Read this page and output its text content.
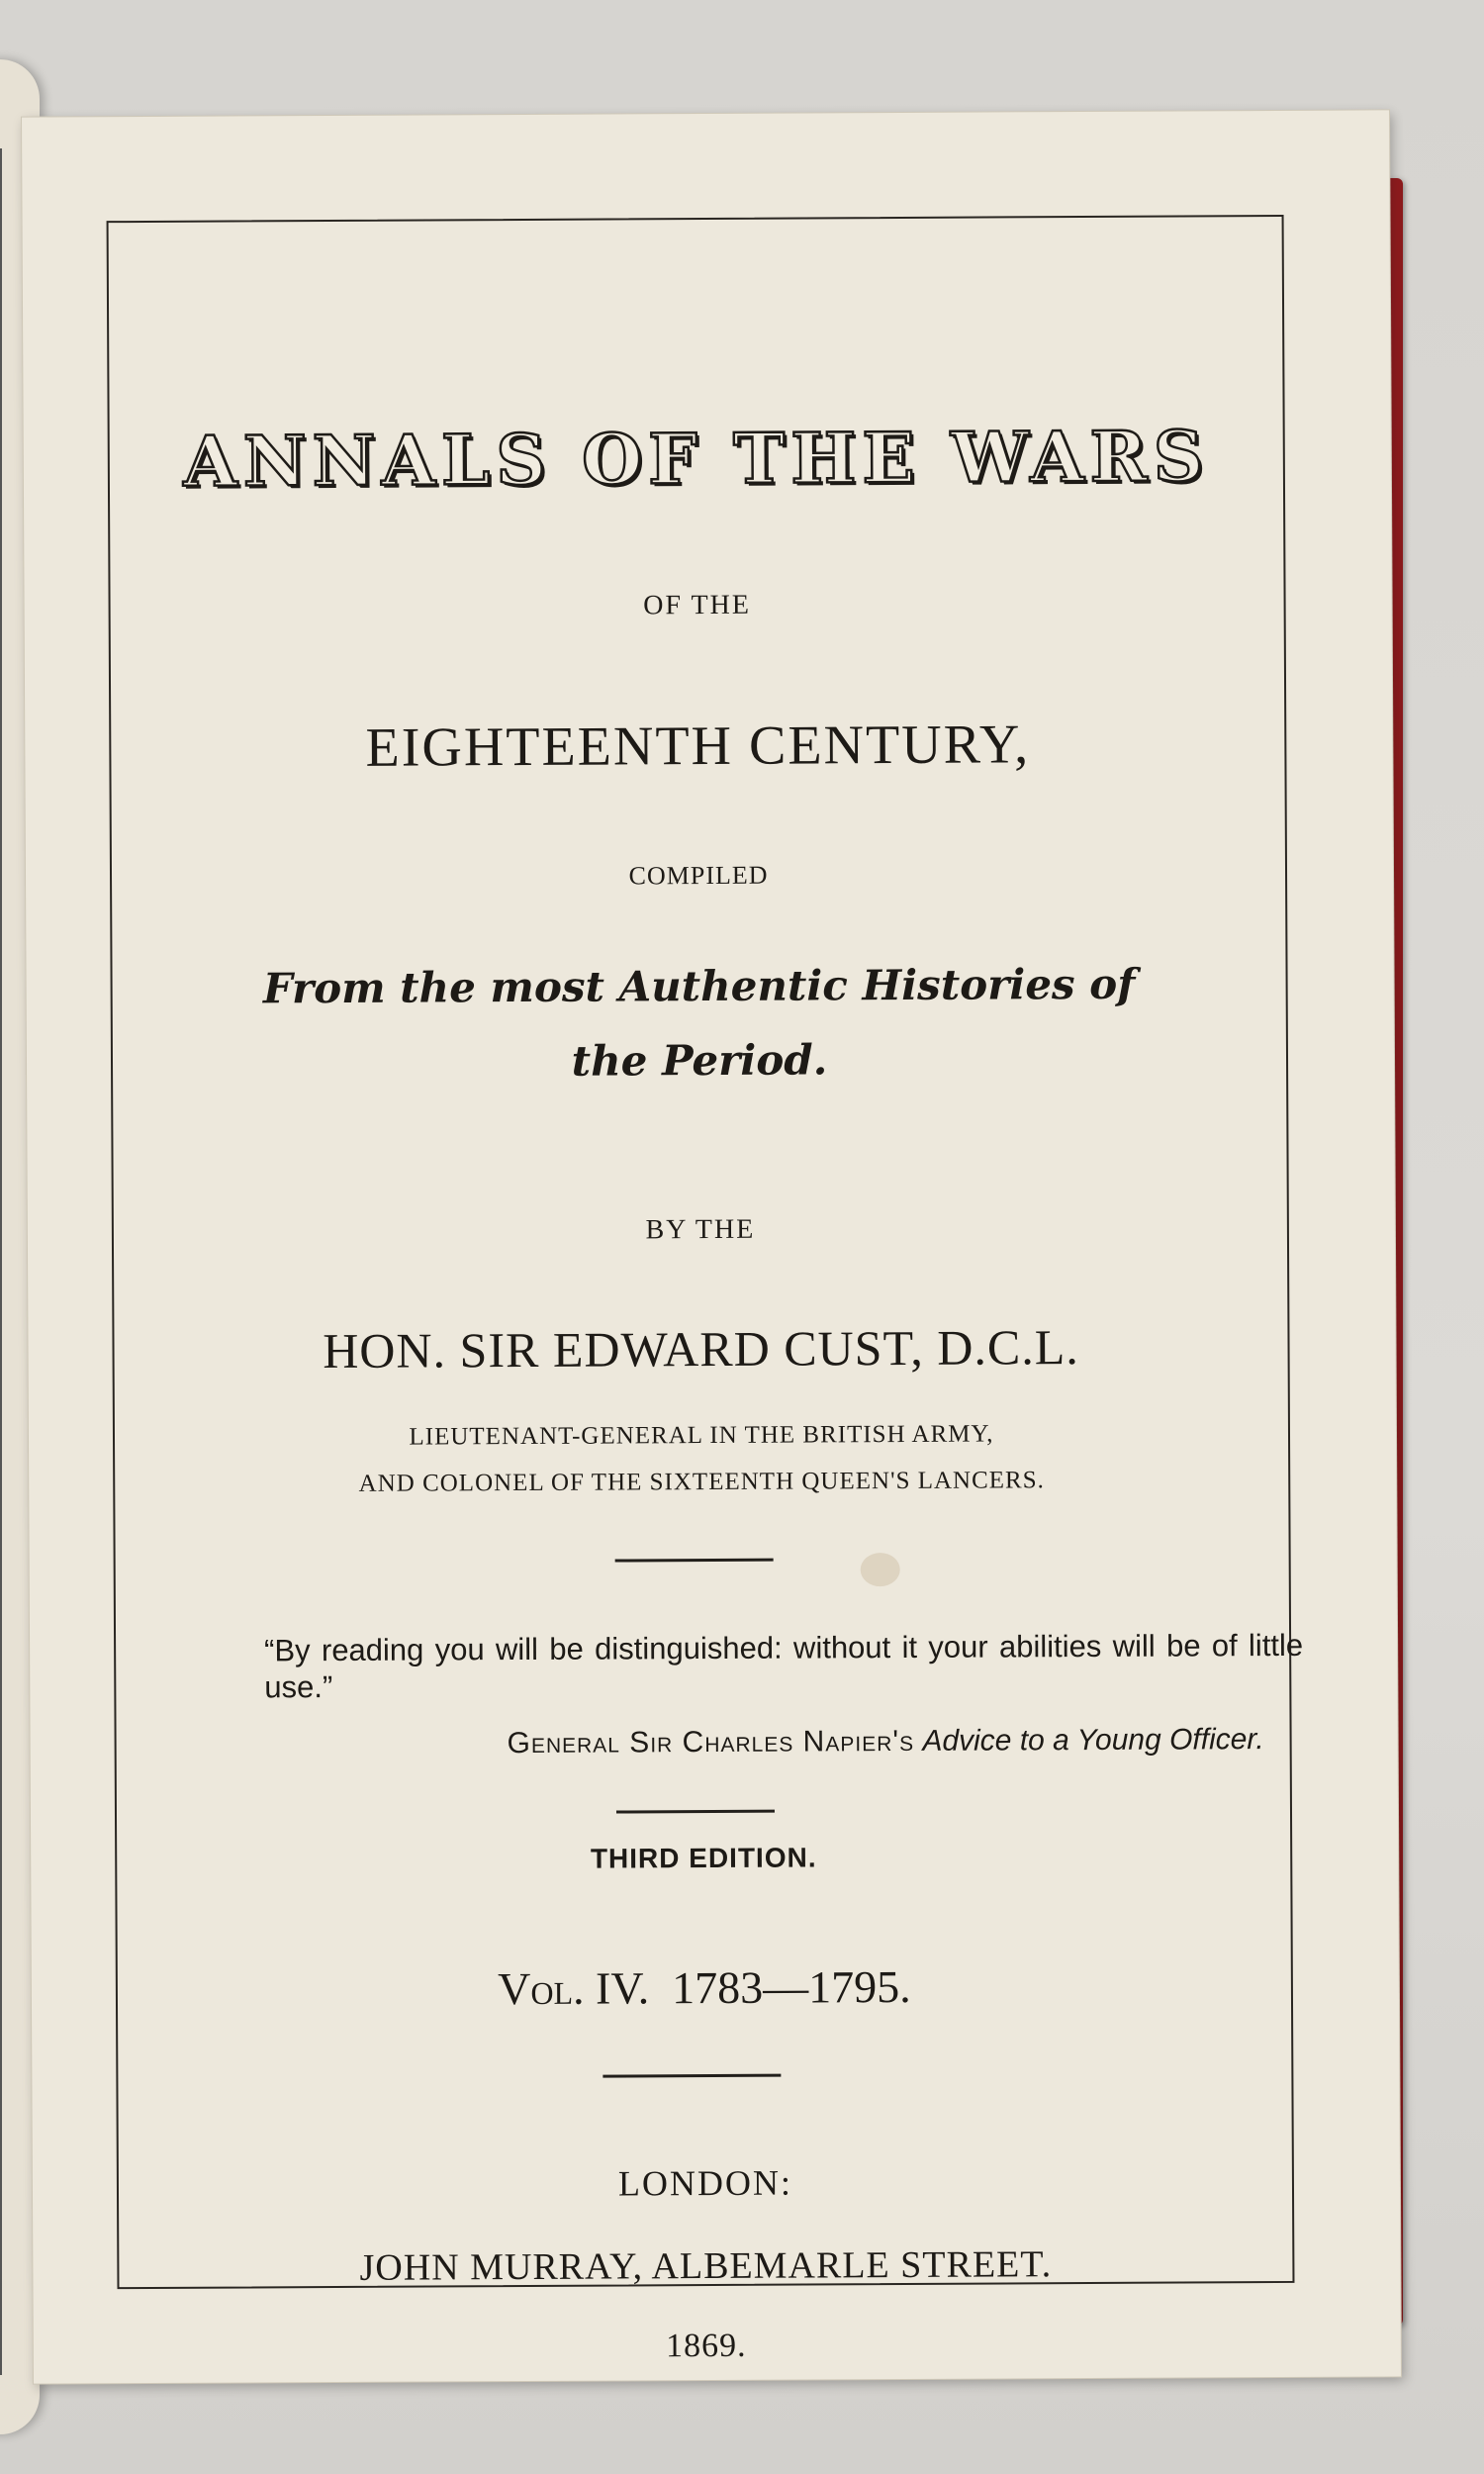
ANNALS OF THE WARS
OF THE
EIGHTEENTH CENTURY,
COMPILED
From the most Authentic Histories of
the Period.
BY THE
HON. SIR EDWARD CUST, D.C.L.
LIEUTENANT-GENERAL IN THE BRITISH ARMY,
AND COLONEL OF THE SIXTEENTH QUEEN'S LANCERS.
“By reading you will be distinguished: without it your abilities will be of little use.”
General Sir Charles Napier's Advice to a Young Officer.
THIRD EDITION.
Vol. IV. 1783—1795.
LONDON:
JOHN MURRAY, ALBEMARLE STREET.
1869.
